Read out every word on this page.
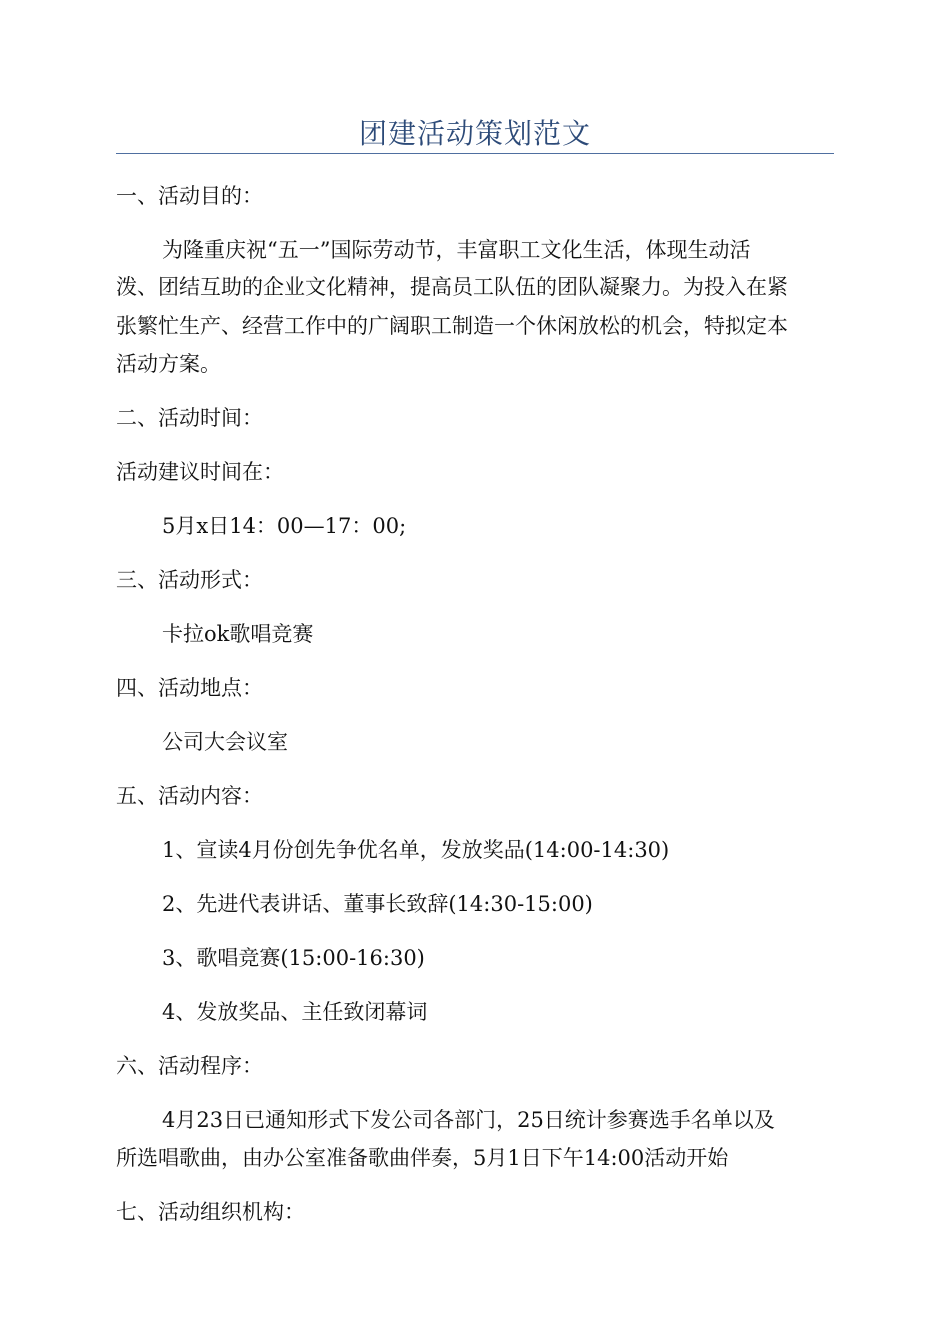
团建活动策划范文
一、活动目的：
为隆重庆祝“五一”国际劳动节，丰富职工文化生活，体现生动活
泼、团结互助的企业文化精神，提高员工队伍的团队凝聚力。为投入在紧
张繁忙生产、经营工作中的广阔职工制造一个休闲放松的机会，特拟定本
活动方案。
二、活动时间：
活动建议时间在：
5月x日14：00—17：00;
三、活动形式：
卡拉ok歌唱竞赛
四、活动地点：
公司大会议室
五、活动内容：
1、宣读4月份创先争优名单，发放奖品(14:00-14:30)
2、先进代表讲话、董事长致辞(14:30-15:00)
3、歌唱竞赛(15:00-16:30)
4、发放奖品、主任致闭幕词
六、活动程序：
4月23日已通知形式下发公司各部门，25日统计参赛选手名单以及
所选唱歌曲，由办公室准备歌曲伴奏，5月1日下午14:00活动开始
七、活动组织机构：
